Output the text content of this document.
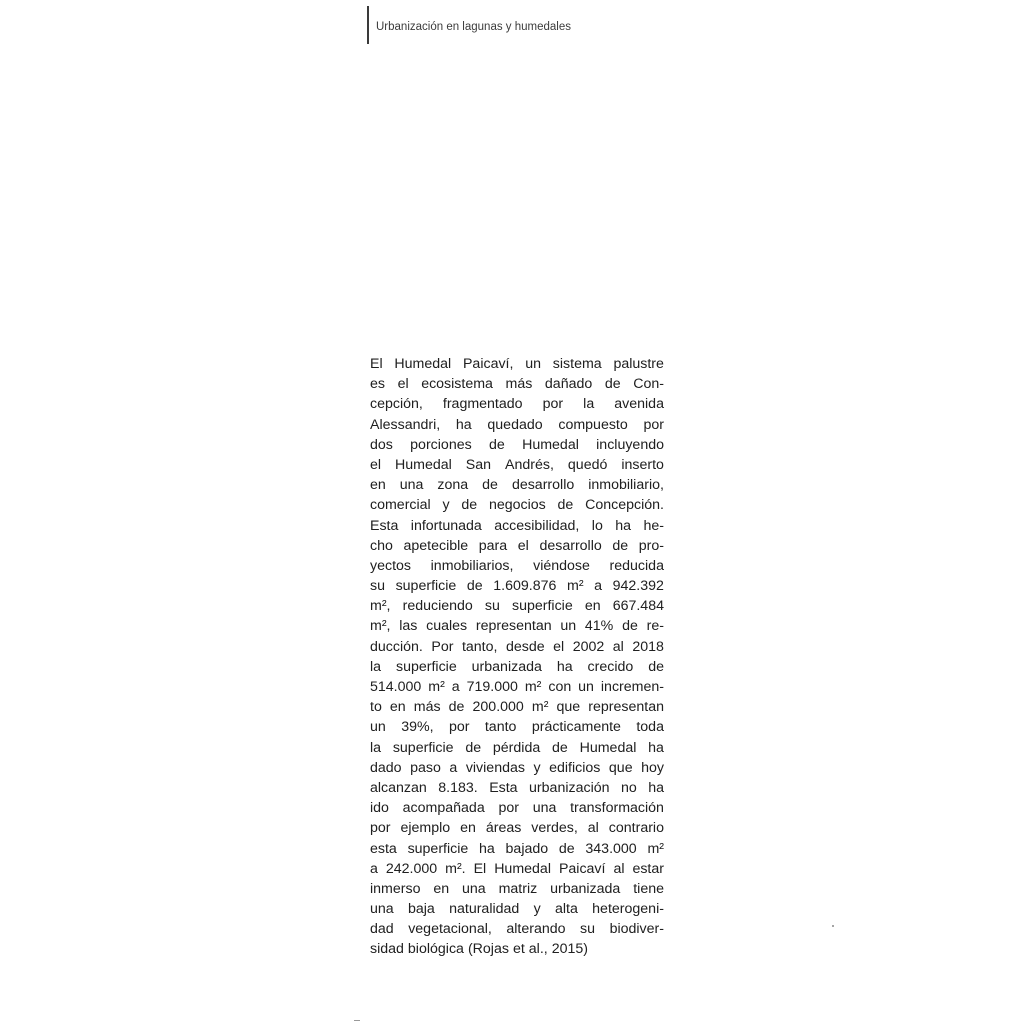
Urbanización en lagunas y humedales
El Humedal Paicaví, un sistema palustre
es el ecosistema más dañado de Con-
cepción, fragmentado por la avenida
Alessandri, ha quedado compuesto por
dos porciones de Humedal incluyendo
el Humedal San Andrés, quedó inserto
en una zona de desarrollo inmobiliario,
comercial y de negocios de Concepción.
Esta infortunada accesibilidad, lo ha he-
cho apetecible para el desarrollo de pro-
yectos inmobiliarios, viéndose reducida
su superficie de 1.609.876 m² a 942.392
m², reduciendo su superficie en 667.484
m², las cuales representan un 41% de re-
ducción. Por tanto, desde el 2002 al 2018
la superficie urbanizada ha crecido de
514.000 m² a 719.000 m² con un incremen-
to en más de 200.000 m² que representan
un 39%, por tanto prácticamente toda
la superficie de pérdida de Humedal ha
dado paso a viviendas y edificios que hoy
alcanzan 8.183. Esta urbanización no ha
ido acompañada por una transformación
por ejemplo en áreas verdes, al contrario
esta superficie ha bajado de 343.000 m²
a 242.000 m². El Humedal Paicaví al estar
inmerso en una matriz urbanizada tiene
una baja naturalidad y alta heterogeni-
dad vegetacional, alterando su biodiver-
sidad biológica (Rojas et al., 2015)
